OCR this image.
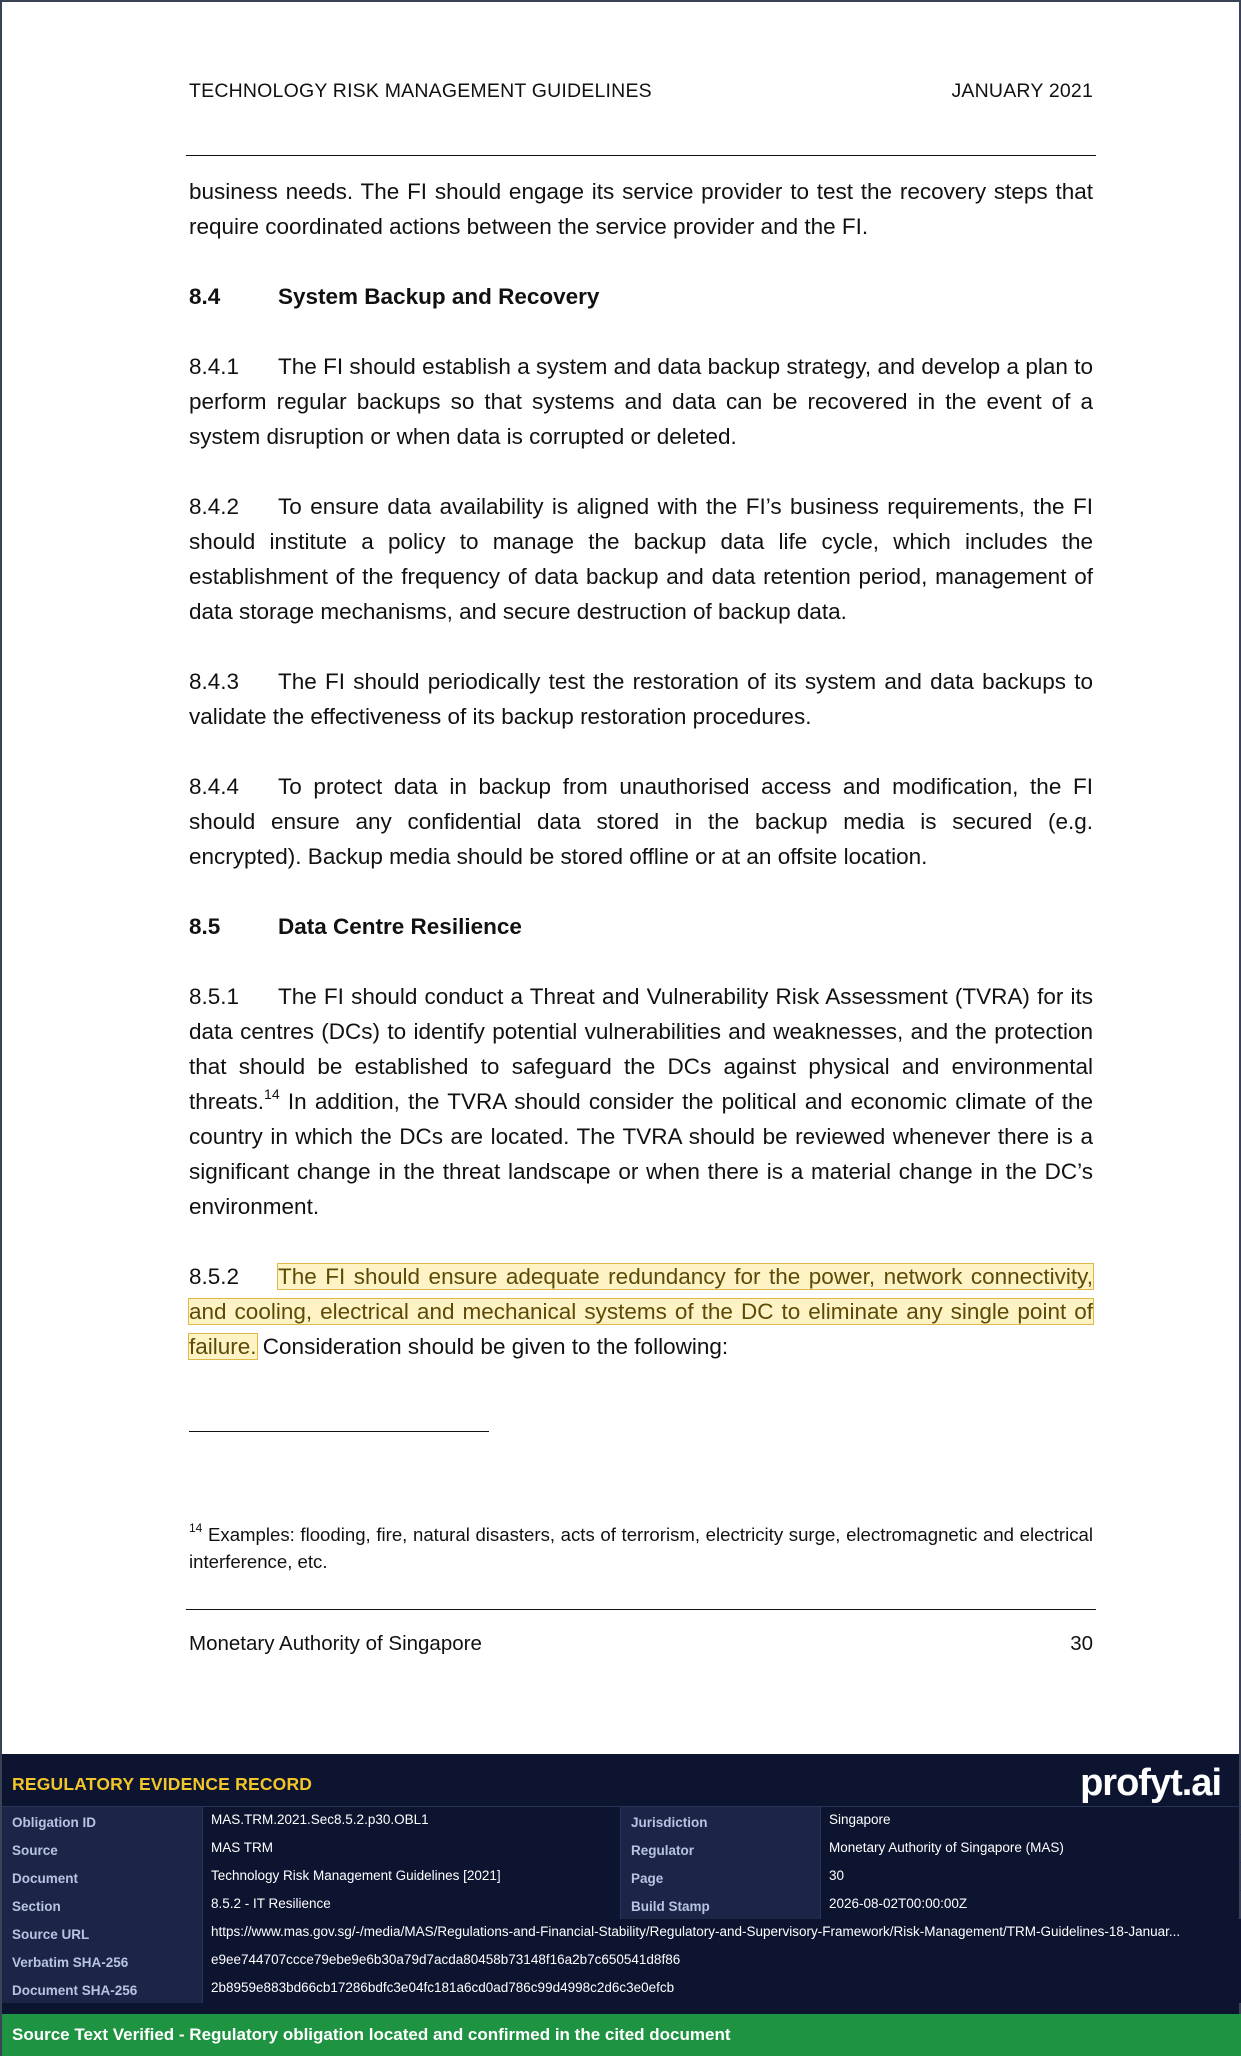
TECHNOLOGY RISK MANAGEMENT GUIDELINES	JANUARY 2021

business needs. The FI should engage its service provider to test the recovery steps that require coordinated actions between the service provider and the FI.

8.4	System Backup and Recovery

8.4.1 The FI should establish a system and data backup strategy, and develop a plan to perform regular backups so that systems and data can be recovered in the event of a system disruption or when data is corrupted or deleted.

8.4.2 To ensure data availability is aligned with the FI’s business requirements, the FI should institute a policy to manage the backup data life cycle, which includes the establishment of the frequency of data backup and data retention period, management of data storage mechanisms, and secure destruction of backup data.

8.4.3 The FI should periodically test the restoration of its system and data backups to validate the effectiveness of its backup restoration procedures.

8.4.4 To protect data in backup from unauthorised access and modification, the FI should ensure any confidential data stored in the backup media is secured (e.g. encrypted). Backup media should be stored offline or at an offsite location.

8.5	Data Centre Resilience

8.5.1 The FI should conduct a Threat and Vulnerability Risk Assessment (TVRA) for its data centres (DCs) to identify potential vulnerabilities and weaknesses, and the protection that should be established to safeguard the DCs against physical and environmental threats.$^{14}$ In addition, the TVRA should consider the political and economic climate of the country in which the DCs are located. The TVRA should be reviewed whenever there is a significant change in the threat landscape or when there is a material change in the DC’s environment.

8.5.2 The FI should ensure adequate redundancy for the power, network connectivity, and cooling, electrical and mechanical systems of the DC to eliminate any single point of failure. Consideration should be given to the following:

$^{14}$ Examples: flooding, fire, natural disasters, acts of terrorism, electricity surge, electromagnetic and electrical interference, etc.
Monetary Authority of Singapore	30
REGULATORY EVIDENCE RECORD	profyt.ai
Obligation ID	MAS.TRM.2021.Sec8.5.2.p30.OBL1	Jurisdiction	Singapore
Source	MAS TRM	Regulator	Monetary Authority of Singapore (MAS)
Document	Technology Risk Management Guidelines [2021]	Page	30
Section	8.5.2 - IT Resilience	Build Stamp	2026-08-02T00:00:00Z
Source URL	https://www.mas.gov.sg/-/media/MAS/Regulations-and-Financial-Stability/Regulatory-and-Supervisory-Framework/Risk-Management/TRM-Guidelines-18-Januar...
Verbatim SHA-256	e9ee744707ccce79ebe9e6b30a79d7acda80458b73148f16a2b7c650541d8f86
Document SHA-256	2b8959e883bd66cb17286bdfc3e04fc181a6cd0ad786c99d4998c2d6c3e0efcb
Source Text Verified - Regulatory obligation located and confirmed in the cited document
